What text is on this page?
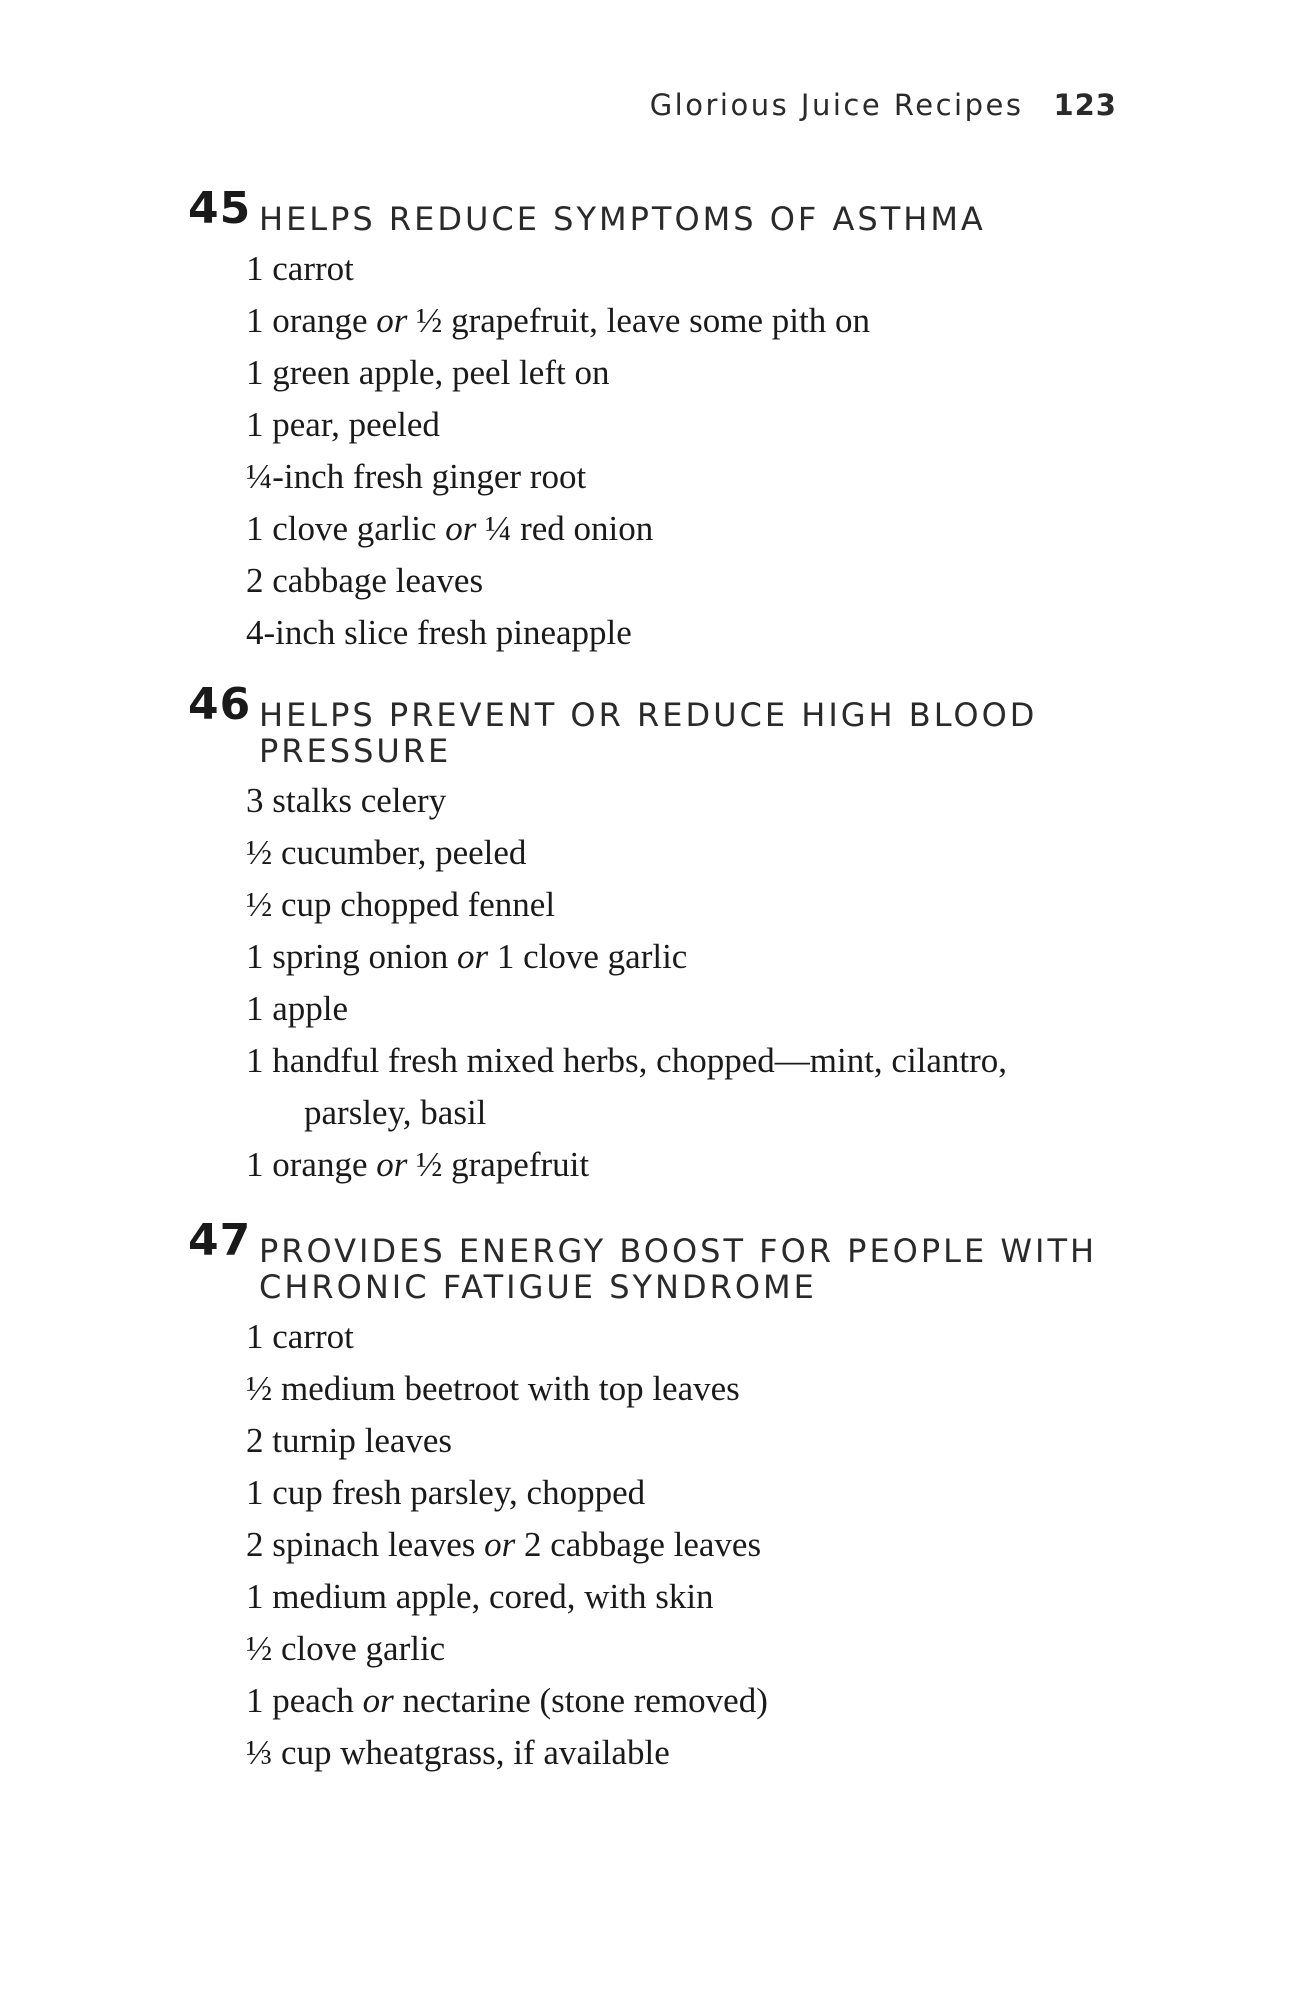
Glorious Juice Recipes 123
45 HELPS REDUCE SYMPTOMS OF ASTHMA
1 carrot
1 orange or ½ grapefruit, leave some pith on
1 green apple, peel left on
1 pear, peeled
¼-inch fresh ginger root
1 clove garlic or ¼ red onion
2 cabbage leaves
4-inch slice fresh pineapple
46 HELPS PREVENT OR REDUCE HIGH BLOOD PRESSURE
3 stalks celery
½ cucumber, peeled
½ cup chopped fennel
1 spring onion or 1 clove garlic
1 apple
1 handful fresh mixed herbs, chopped—mint, cilantro, parsley, basil
1 orange or ½ grapefruit
47 PROVIDES ENERGY BOOST FOR PEOPLE WITH CHRONIC FATIGUE SYNDROME
1 carrot
½ medium beetroot with top leaves
2 turnip leaves
1 cup fresh parsley, chopped
2 spinach leaves or 2 cabbage leaves
1 medium apple, cored, with skin
½ clove garlic
1 peach or nectarine (stone removed)
⅓ cup wheatgrass, if available
